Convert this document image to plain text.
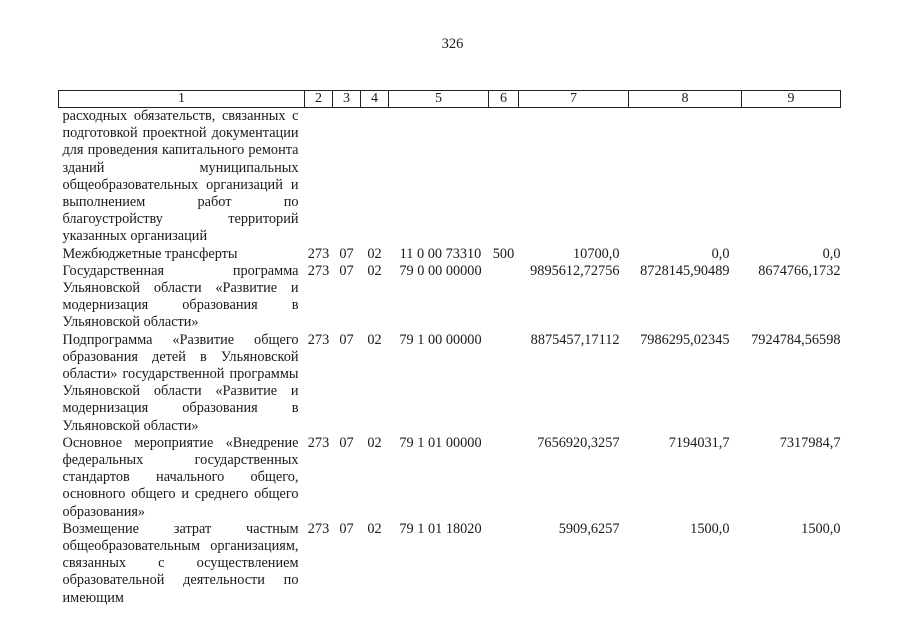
326
1	2	3	4	5	6	7	8	9
расходных обязательств, связанных с подготовкой проектной документации для проведения капитального ремонта зданий муниципальных общеобразовательных организаций и выполнением работ по благоустройству территорий указанных организаций								
Межбюджетные трансферты	273	07	02	11 0 00 73310	500	10700,0	0,0	0,0
Государственная программа Ульяновской области «Развитие и модернизация образования в Ульяновской области»	273	07	02	79 0 00 00000		9895612,72756	8728145,90489	8674766,1732
Подпрограмма «Развитие общего образования детей в Ульяновской области» государственной программы Ульяновской области «Развитие и модернизация образования в Ульяновской области»	273	07	02	79 1 00 00000		8875457,17112	7986295,02345	7924784,56598
Основное мероприятие «Внедрение федеральных государственных стандартов начального общего, основного общего и среднего общего образования»	273	07	02	79 1 01 00000		7656920,3257	7194031,7	7317984,7
Возмещение затрат частным общеобразовательным организациям, связанных с осуществлением образовательной деятельности по имеющим	273	07	02	79 1 01 18020		5909,6257	1500,0	1500,0
